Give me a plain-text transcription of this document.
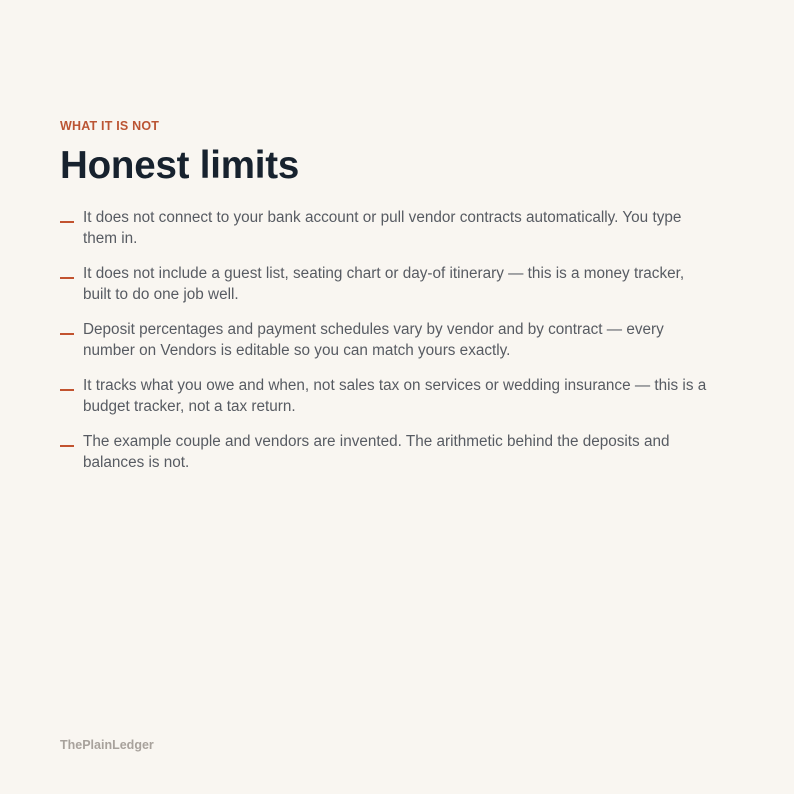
WHAT IT IS NOT

Honest limits
It does not connect to your bank account or pull vendor contracts automatically. You type them in.
It does not include a guest list, seating chart or day-of itinerary — this is a money tracker, built to do one job well.
Deposit percentages and payment schedules vary by vendor and by contract — every number on Vendors is editable so you can match yours exactly.
It tracks what you owe and when, not sales tax on services or wedding insurance — this is a budget tracker, not a tax return.
The example couple and vendors are invented. The arithmetic behind the deposits and balances is not.
ThePlainLedger
